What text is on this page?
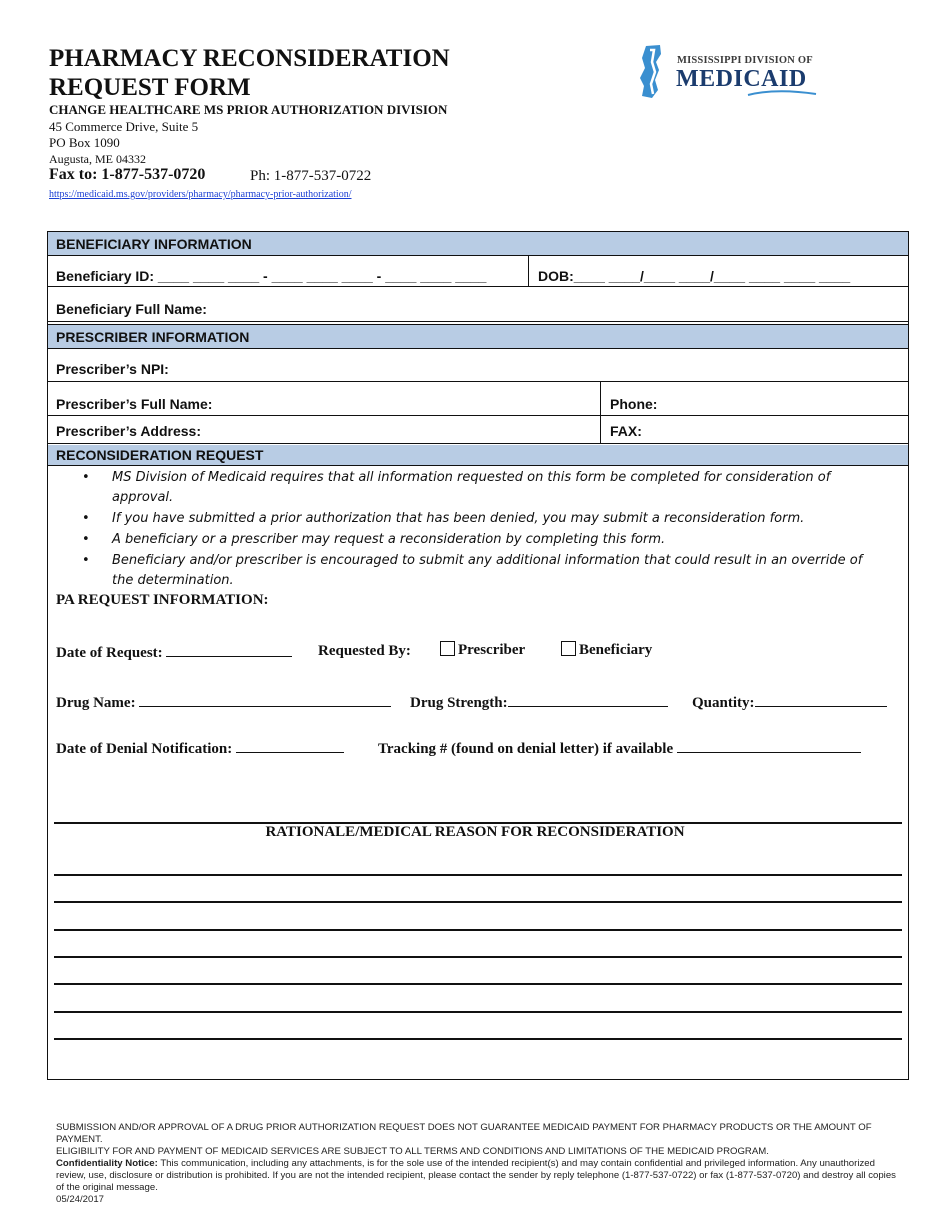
PHARMACY RECONSIDERATION
REQUEST FORM
CHANGE HEALTHCARE MS PRIOR AUTHORIZATION DIVISION
45 Commerce Drive, Suite 5
PO Box 1090
Augusta, ME 04332
Fax to: 1-877-537-0720	Ph: 1-877-537-0722
https://medicaid.ms.gov/providers/pharmacy/pharmacy-prior-authorization/
MISSISSIPPI DIVISION OF
MEDICAID
BENEFICIARY INFORMATION
Beneficiary ID: ____ ____ ____ - ____ ____ ____ - ____ ____ ____	DOB:____ ____/____ ____/____ ____ ____ ____
Beneficiary Full Name:
PRESCRIBER INFORMATION
Prescriber’s NPI:
Prescriber’s Full Name:	Phone:
Prescriber’s Address:	FAX:
RECONSIDERATION REQUEST
• MS Division of Medicaid requires that all information requested on this form be completed for consideration of approval.
• If you have submitted a prior authorization that has been denied, you may submit a reconsideration form.
• A beneficiary or a prescriber may request a reconsideration by completing this form.
• Beneficiary and/or prescriber is encouraged to submit any additional information that could result in an override of the determination.
PA REQUEST INFORMATION:
Date of Request:	Requested By:	Prescriber	Beneficiary
Drug Name:	Drug Strength:	Quantity:
Date of Denial Notification:	Tracking # (found on denial letter) if available
RATIONALE/MEDICAL REASON FOR RECONSIDERATION
SUBMISSION AND/OR APPROVAL OF A DRUG PRIOR AUTHORIZATION REQUEST DOES NOT GUARANTEE MEDICAID PAYMENT FOR PHARMACY PRODUCTS OR THE AMOUNT OF PAYMENT.
ELIGIBILITY FOR AND PAYMENT OF MEDICAID SERVICES ARE SUBJECT TO ALL TERMS AND CONDITIONS AND LIMITATIONS OF THE MEDICAID PROGRAM.
Confidentiality Notice: This communication, including any attachments, is for the sole use of the intended recipient(s) and may contain confidential and privileged information. Any unauthorized review, use, disclosure or distribution is prohibited. If you are not the intended recipient, please contact the sender by reply telephone (1-877-537-0722) or fax (1-877-537-0720) and destroy all copies of the original message.
05/24/2017
